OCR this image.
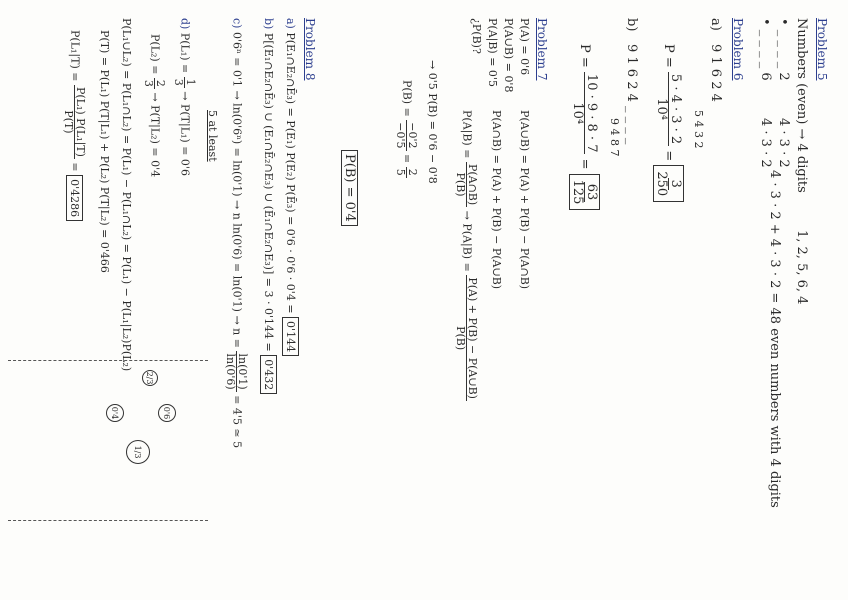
Problem 5
Numbers (even) → 4 digits
1, 2, 5, 6, 4
• _ _ _ _ 2
4 · 3 · 2
• _ _ _ _ 6
4 · 3 · 2
4 · 3 · 2 + 4 · 3 · 2 = 48 even numbers with 4 digits
Problem 6
a)
9 1 6 2 4
5 4 3 2
P =
5 · 4 · 3 · 2
10⁴
=
3
250
b)
9 1 6 2 4 _ _ _ _
9 4 8 7
P =
10 · 9 · 8 · 7
10⁴
=
63
125
Problem 7
P(A) = 0'6
P(A∪B) = 0'8
P(A|B) = 0'5
¿P(B)?
P(A∪B) = P(A) + P(B) − P(A∩B)
P(A∩B) = P(A) + P(B) − P(A∪B)
P(A|B) =
P(A∩B)
P(B)
→ P(A|B) =
P(A) + P(B) − P(A∪B)
P(B)
→ 0'5 P(B) = 0'6 − 0'8
P(B) =
−0'2
−0'5
=
2
5
P(B) = 0'4
Problem 8
a) P(E₁∩E₂∩Ē₃) = P(E₁) P(E₂) P(Ē₃) = 0'6 · 0'6 · 0'4 = 0'144
b) P[(E₁∩E₂∩Ē₃) ∪ (E₁∩Ē₂∩E₃) ∪ (Ē₁∩E₂∩E₃)] = 3 · 0'144 = 0'432
c) 0'6ⁿ = 0'1 → ln(0'6ⁿ) = ln(0'1) → n ln(0'6) = ln(0'1) → n =
ln(0'1)
ln(0'6)
= 4'5 ≃ 5
5 at least
d) P(L₁) =
1
3
→ P(T|L₁) = 0'6
P(L₂) =
2
3
→ P(T|L₂) = 0'4
P(L₁∪L₂) = P(L₁∩L₂) = P(L₁) − P(L₁∩L₂) = P(L₁) − P(L₁|L₂)P(L₂)
P(T) = P(L₁) P(T|L₁) + P(L₂) P(T|L₂) = 0'466
P(L₁|T) =
P(L₁) P(L₁|T)
P(T)
= 0'4286
1/3
0'6
0'4
2/3
